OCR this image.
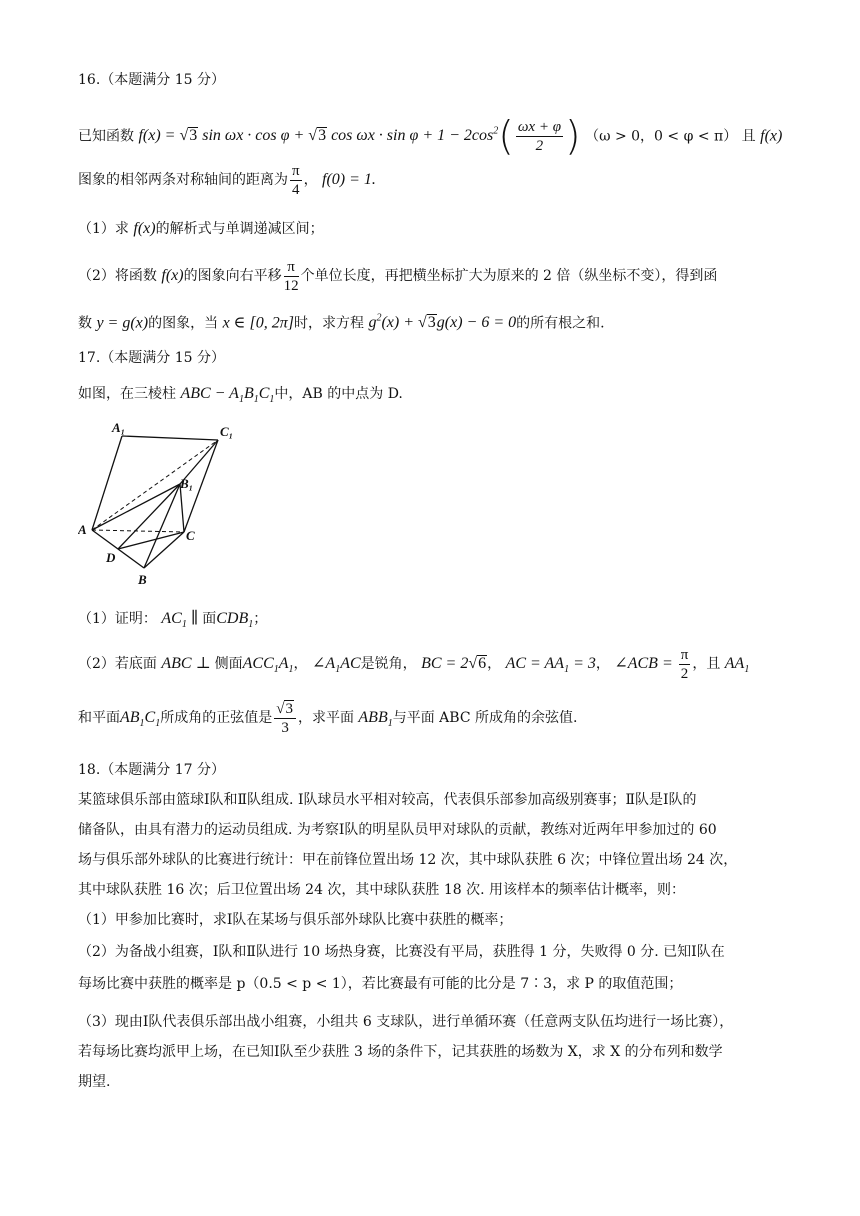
16.（本题满分 15 分）
已知函数 f(x) = √3 sin ωx · cos φ + √3 $\cos \omega x \cdot \sin \varphi + 1 - 2\cos^2( \frac{\omega x + \varphi}{2}$ ) （ω > 0，0 < φ < π） 且 f(x)
图象的相邻两条对称轴间的距离为 $\frac{\pi}{4}$ ， f(0) = 1.
（1）求 f(x)的解析式与单调递减区间；
（2）将函数 f(x)的图象向右平移 $\frac{\pi}{12}$ 个单位长度，再把横坐标扩大为原来的 2 倍（纵坐标不变），得到函
数 y = g(x)的图象，当 x ∈ [0, 2π]时，求方程 $g^2(x) + √3g(x) - 6 = 0$的所有根之和.
17.（本题满分 15 分）
如图，在三棱柱 ABC − $A_1B_1C_1$中，AB 的中点为 D.
A₁	C₁
B₁
A	C
D
B
（1）证明： $AC_1$ ∥ 面$CDB_1$；
（2）若底面 ABC ⊥ 侧面$ACC_1A_1$， $\angle A_1AC$是锐角， BC = 2√6， AC = $AA_1 = 3$， ∠ACB = $\frac{\pi}{2}$ ，且 $AA_1$
和平面$AB_1C_1$所成角的正弦值是 $\frac{√3}{3}$ ，求平面 $ABB_1$与平面 ABC 所成角的余弦值.
18.（本题满分 17 分）
某篮球俱乐部由篮球Ⅰ队和Ⅱ队组成. Ⅰ队球员水平相对较高，代表俱乐部参加高级别赛事；Ⅱ队是Ⅰ队的
储备队，由具有潜力的运动员组成. 为考察Ⅰ队的明星队员甲对球队的贡献，教练对近两年甲参加过的 60
场与俱乐部外球队的比赛进行统计：甲在前锋位置出场 12 次，其中球队获胜 6 次；中锋位置出场 24 次，
其中球队获胜 16 次；后卫位置出场 24 次，其中球队获胜 18 次. 用该样本的频率估计概率，则：
（1）甲参加比赛时，求Ⅰ队在某场与俱乐部外球队比赛中获胜的概率；
（2）为备战小组赛，Ⅰ队和Ⅱ队进行 10 场热身赛，比赛没有平局，获胜得 1 分，失败得 0 分. 已知Ⅰ队在
每场比赛中获胜的概率是 p（0.5 < p < 1），若比赛最有可能的比分是 7∶3，求 P 的取值范围；
（3）现由Ⅰ队代表俱乐部出战小组赛，小组共 6 支球队，进行单循环赛（任意两支队伍均进行一场比赛），
若每场比赛均派甲上场，在已知Ⅰ队至少获胜 3 场的条件下，记其获胜的场数为 X，求 X 的分布列和数学
期望.
